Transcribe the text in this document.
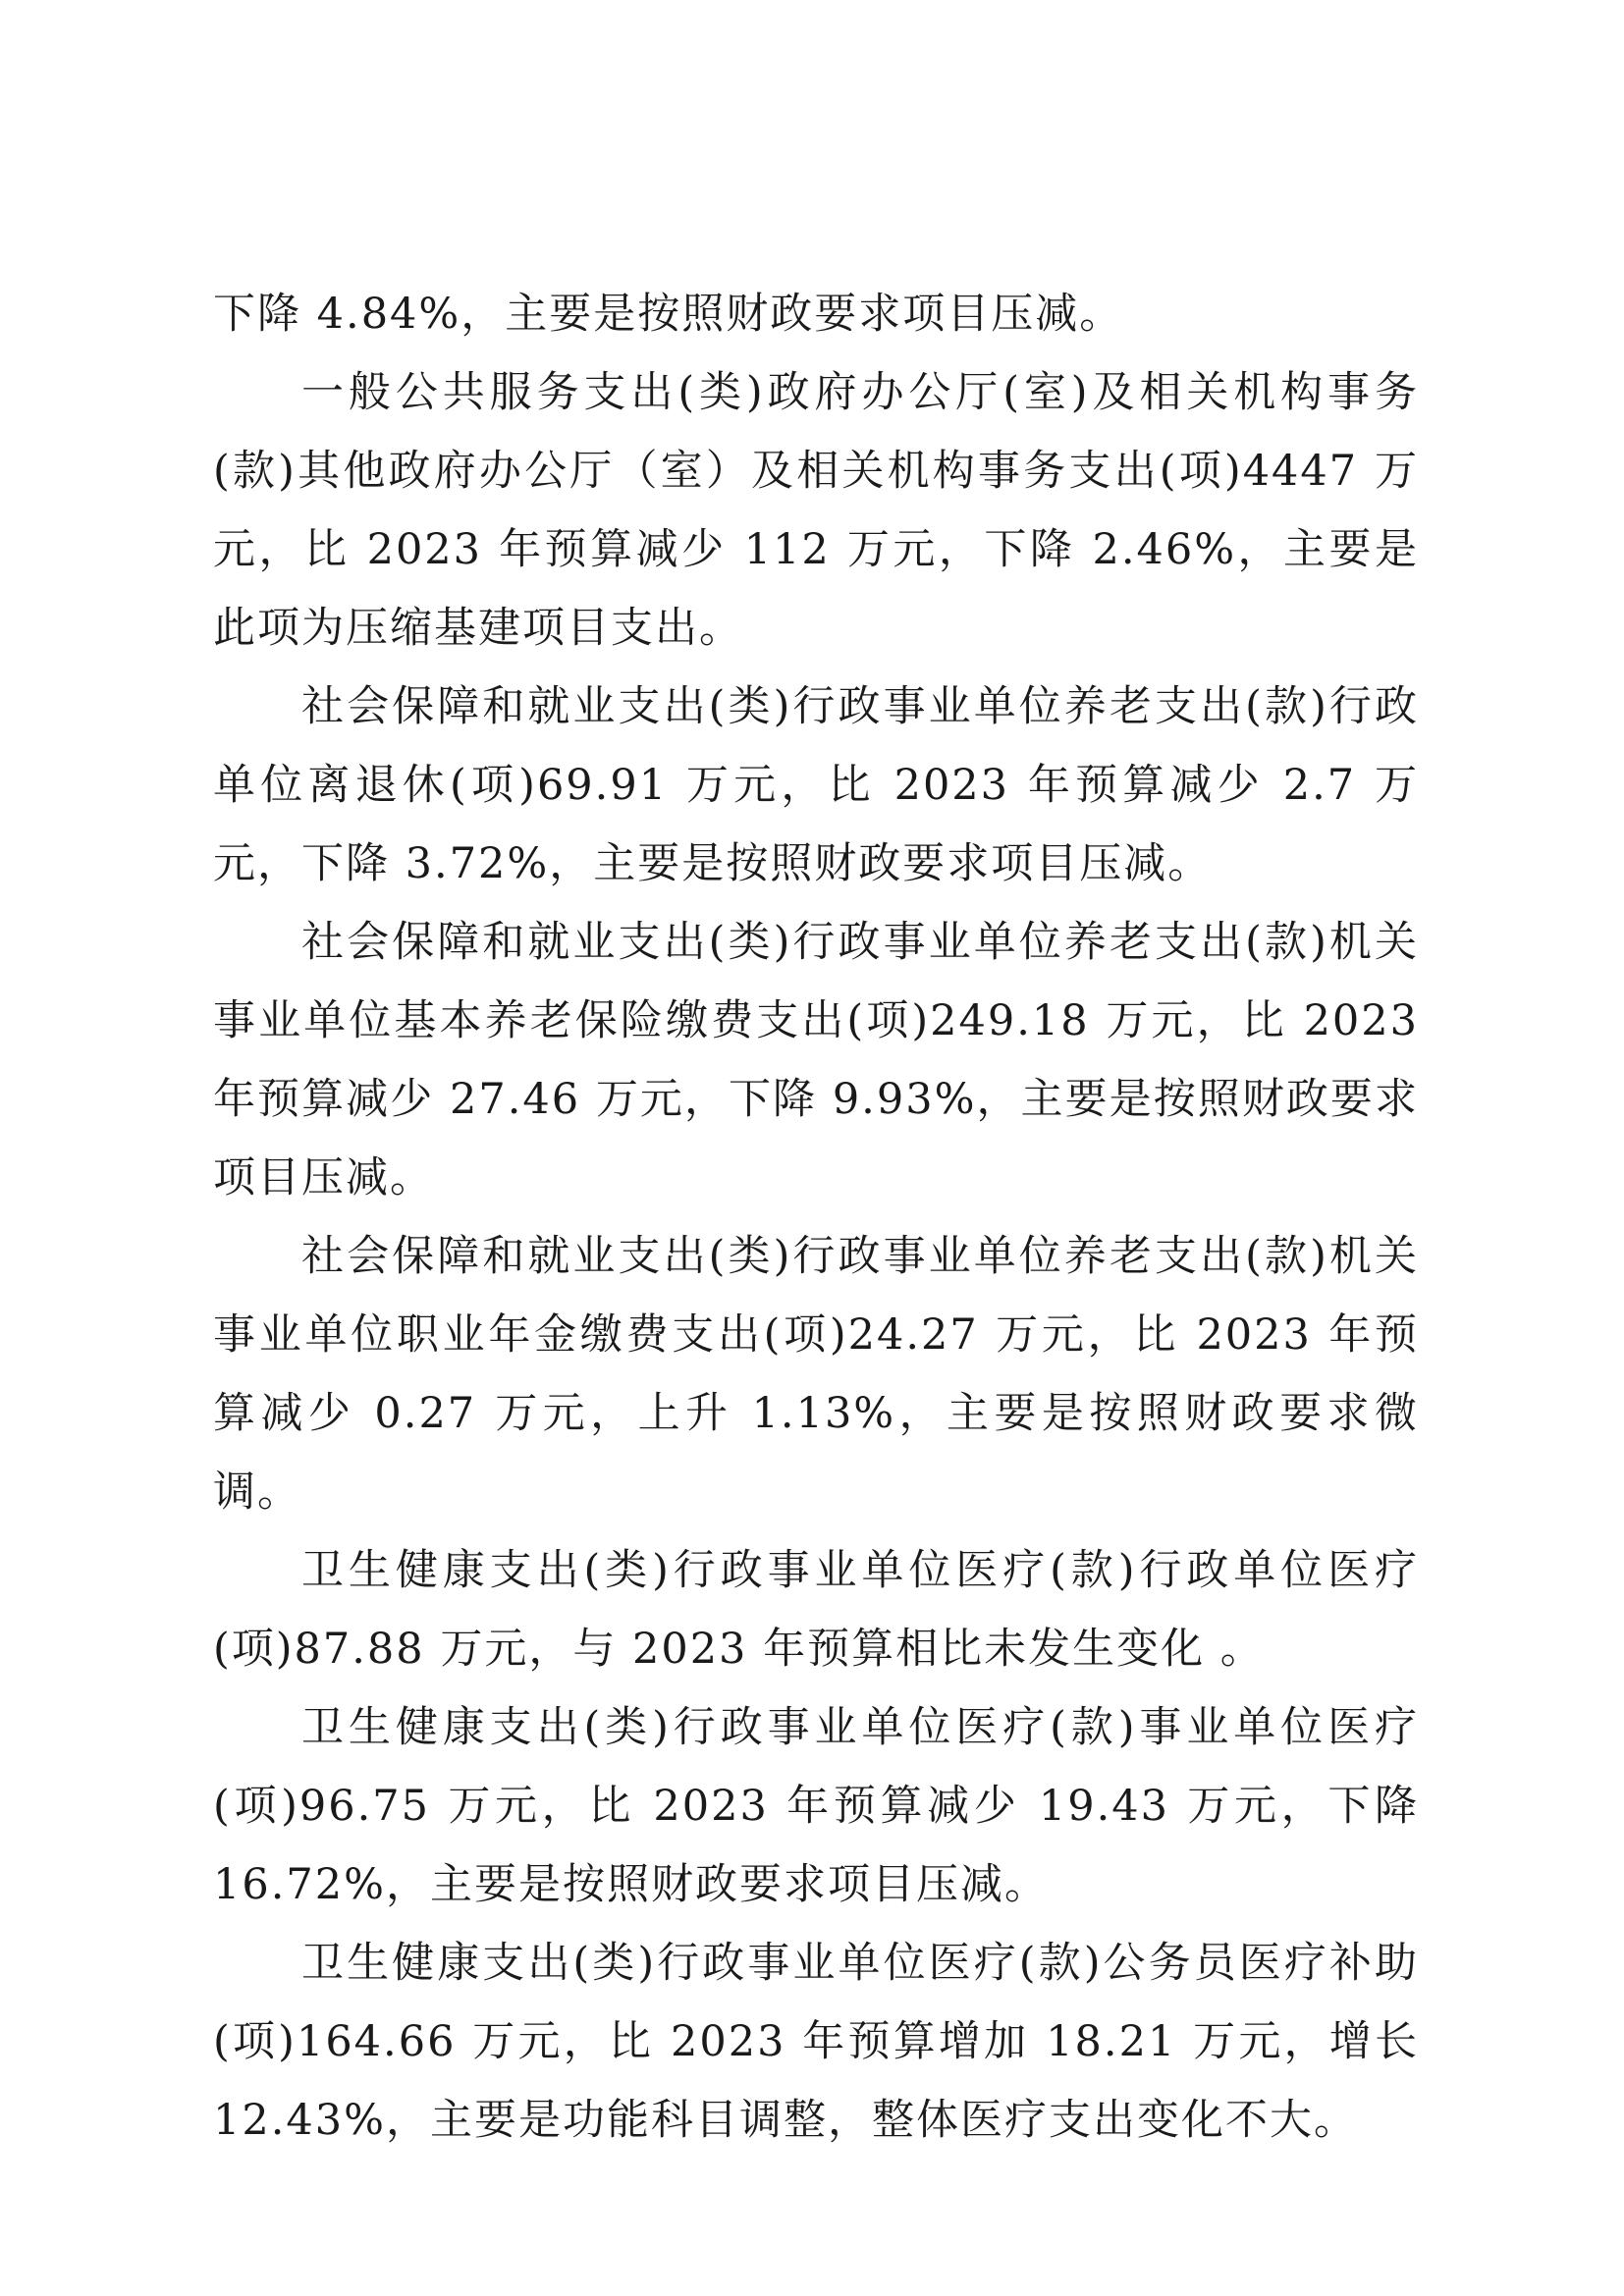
下降 4.84%，主要是按照财政要求项目压减。

一般公共服务支出(类)政府办公厅(室)及相关机构事务(款)其他政府办公厅（室）及相关机构事务支出(项)4447 万元，比 2023 年预算减少 112 万元，下降 2.46%，主要是此项为压缩基建项目支出。

社会保障和就业支出(类)行政事业单位养老支出(款)行政单位离退休(项)69.91 万元，比 2023 年预算减少 2.7 万元，下降 3.72%，主要是按照财政要求项目压减。

社会保障和就业支出(类)行政事业单位养老支出(款)机关事业单位基本养老保险缴费支出(项)249.18 万元，比 2023 年预算减少 27.46 万元，下降 9.93%，主要是按照财政要求项目压减。

社会保障和就业支出(类)行政事业单位养老支出(款)机关事业单位职业年金缴费支出(项)24.27 万元，比 2023 年预算减少 0.27 万元，上升 1.13%，主要是按照财政要求微调。

卫生健康支出(类)行政事业单位医疗(款)行政单位医疗(项)87.88 万元，与 2023 年预算相比未发生变化 。

卫生健康支出(类)行政事业单位医疗(款)事业单位医疗(项)96.75 万元，比 2023 年预算减少 19.43 万元，下降 16.72%，主要是按照财政要求项目压减。

卫生健康支出(类)行政事业单位医疗(款)公务员医疗补助(项)164.66 万元，比 2023 年预算增加 18.21 万元，增长 12.43%，主要是功能科目调整，整体医疗支出变化不大。
